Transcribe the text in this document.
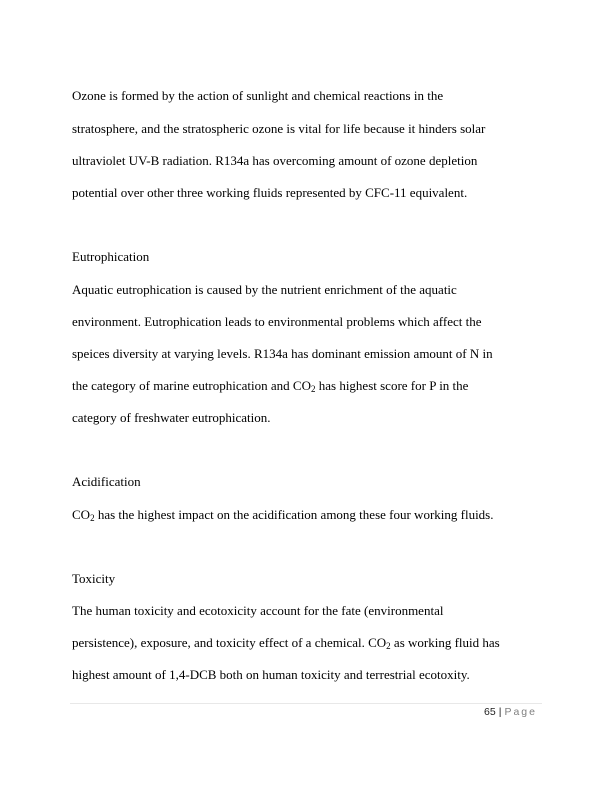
Ozone is formed by the action of sunlight and chemical reactions in the
stratosphere, and the stratospheric ozone is vital for life because it hinders solar
ultraviolet UV-B radiation. R134a has overcoming amount of ozone depletion
potential over other three working fluids represented by CFC-11 equivalent.
Eutrophication
Aquatic eutrophication is caused by the nutrient enrichment of the aquatic
environment. Eutrophication leads to environmental problems which affect the
speices diversity at varying levels. R134a has dominant emission amount of N in
the category of marine eutrophication and $CO_2$ has highest score for P in the
category of freshwater eutrophication.
Acidification
$CO_2$ has the highest impact on the acidification among these four working fluids.
Toxicity
The human toxicity and ecotoxicity account for the fate (environmental
persistence), exposure, and toxicity effect of a chemical. $CO_2$ as working fluid has
highest amount of 1,4-DCB both on human toxicity and terrestrial ecotoxity.
65 | Page
